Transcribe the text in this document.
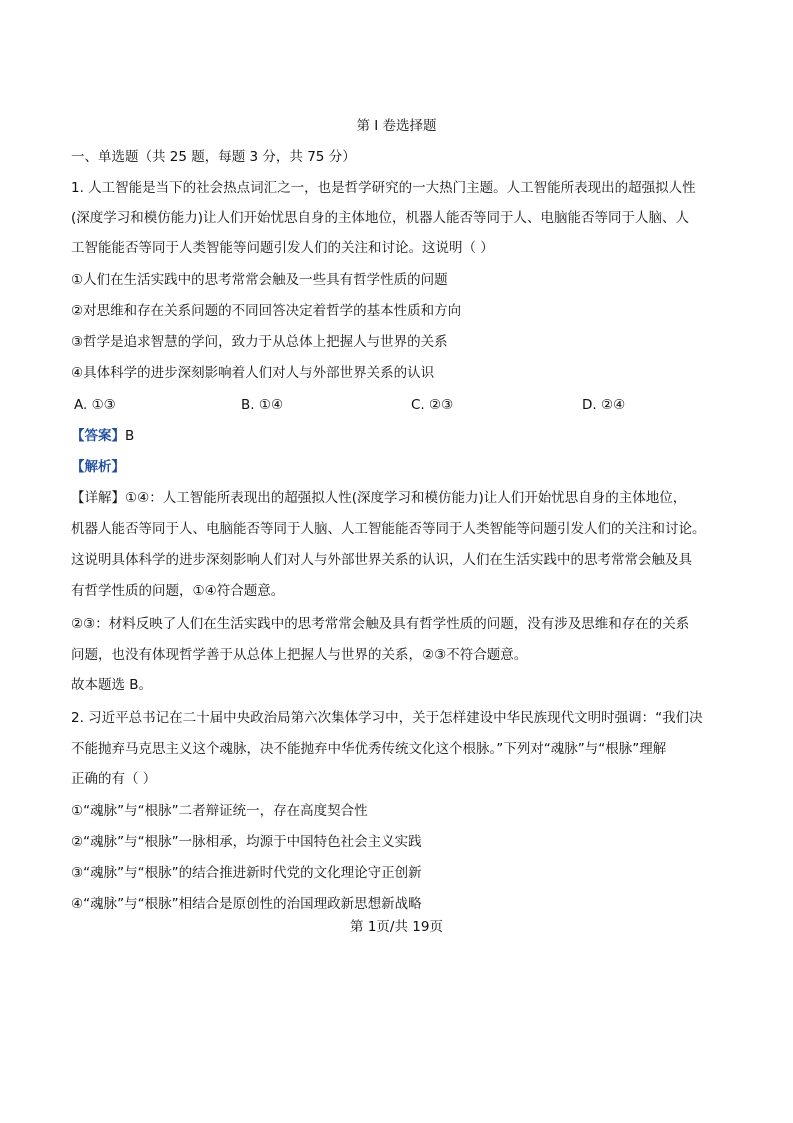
第 I 卷选择题
一、单选题（共 25 题，每题 3 分，共 75 分）
1. 人工智能是当下的社会热点词汇之一，也是哲学研究的一大热门主题。人工智能所表现出的超强拟人性
(深度学习和模仿能力)让人们开始忧思自身的主体地位，机器人能否等同于人、电脑能否等同于人脑、人
工智能能否等同于人类智能等问题引发人们的关注和讨论。这说明（ ）
①人们在生活实践中的思考常常会触及一些具有哲学性质的问题
②对思维和存在关系问题的不同回答决定着哲学的基本性质和方向
③哲学是追求智慧的学问，致力于从总体上把握人与世界的关系
④具体科学的进步深刻影响着人们对人与外部世界关系的认识
A. ①③	B. ①④	C. ②③	D. ②④
【答案】B
【解析】
【详解】①④：人工智能所表现出的超强拟人性(深度学习和模仿能力)让人们开始忧思自身的主体地位，
机器人能否等同于人、电脑能否等同于人脑、人工智能能否等同于人类智能等问题引发人们的关注和讨论。
这说明具体科学的进步深刻影响人们对人与外部世界关系的认识，人们在生活实践中的思考常常会触及具
有哲学性质的问题，①④符合题意。
②③：材料反映了人们在生活实践中的思考常常会触及具有哲学性质的问题，没有涉及思维和存在的关系
问题，也没有体现哲学善于从总体上把握人与世界的关系，②③不符合题意。
故本题选 B。
2. 习近平总书记在二十届中央政治局第六次集体学习中，关于怎样建设中华民族现代文明时强调：“我们决
不能抛弃马克思主义这个魂脉，决不能抛弃中华优秀传统文化这个根脉。”下列对“魂脉”与“根脉”理解
正确的有（ ）
①“魂脉”与“根脉”二者辩证统一，存在高度契合性
②“魂脉”与“根脉”一脉相承，均源于中国特色社会主义实践
③“魂脉”与“根脉”的结合推进新时代党的文化理论守正创新
④“魂脉”与“根脉”相结合是原创性的治国理政新思想新战略
第 1页/共 19页
